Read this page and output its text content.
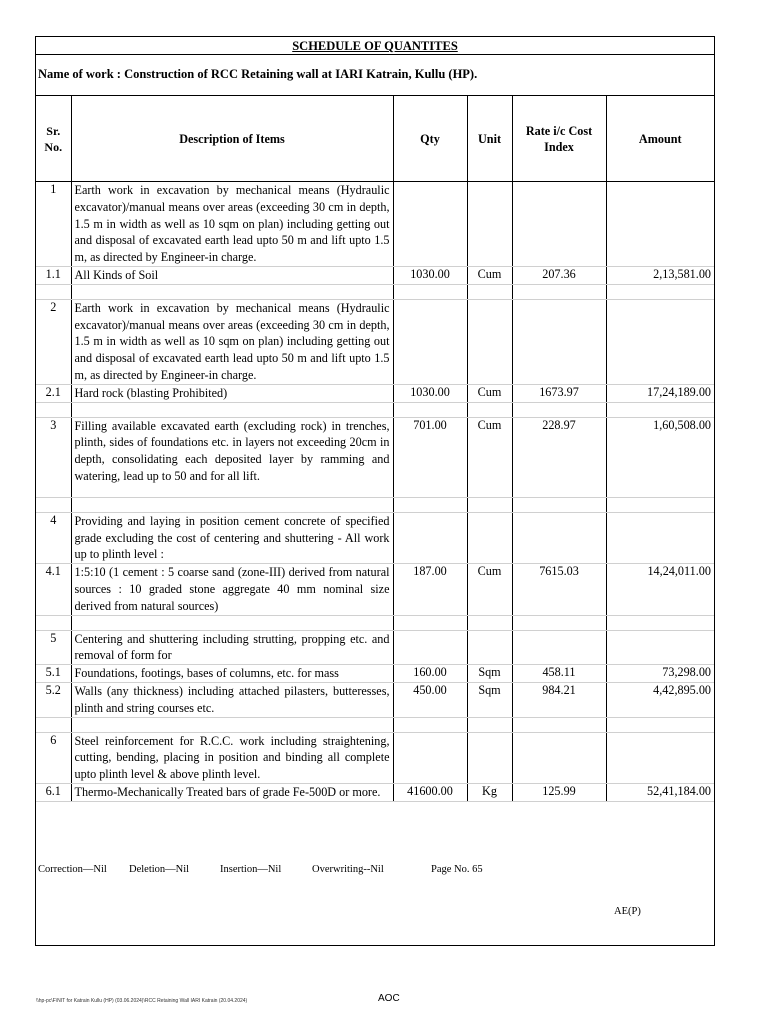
SCHEDULE OF QUANTITES
Name of work : Construction of RCC Retaining wall at IARI Katrain, Kullu (HP).
Sr. No.	Description of Items	Qty	Unit	Rate i/c Cost Index	Amount
1	Earth work in excavation by mechanical means (Hydraulic excavator)/manual means over areas (exceeding 30 cm in depth, 1.5 m in width as well as 10 sqm on plan) including getting out and disposal of excavated earth lead upto 50 m and lift upto 1.5 m, as directed by Engineer-in charge.				
1.1	All Kinds of Soil	1030.00	Cum	207.36	2,13,581.00

2	Earth work in excavation by mechanical means (Hydraulic excavator)/manual means over areas (exceeding 30 cm in depth, 1.5 m in width as well as 10 sqm on plan) including getting out and disposal of excavated earth lead upto 50 m and lift upto 1.5 m, as directed by Engineer-in charge.				
2.1	Hard rock (blasting Prohibited)	1030.00	Cum	1673.97	17,24,189.00

3	Filling available excavated earth (excluding rock) in trenches, plinth, sides of foundations etc. in layers not exceeding 20cm in depth, consolidating each deposited layer by ramming and watering, lead up to 50 and for all lift.	701.00	Cum	228.97	1,60,508.00

4	Providing and laying in position cement concrete of specified grade excluding the cost of centering and shuttering - All work up to plinth level :				
4.1	1:5:10 (1 cement : 5 coarse sand (zone-III) derived from natural sources : 10 graded stone aggregate 40 mm nominal size derived from natural sources)	187.00	Cum	7615.03	14,24,011.00

5	Centering and shuttering including strutting, propping etc. and removal of form for				
5.1	Foundations, footings, bases of columns, etc. for mass	160.00	Sqm	458.11	73,298.00
5.2	Walls (any thickness) including attached pilasters, butteresses, plinth and string courses etc.	450.00	Sqm	984.21	4,42,895.00

6	Steel reinforcement for R.C.C. work including straightening, cutting, bending, placing in position and binding all complete upto plinth level & above plinth level.				
6.1	Thermo-Mechanically Treated bars of grade Fe-500D or more.	41600.00	Kg	125.99	52,41,184.00
Correction—Nil Deletion—Nil	Insertion—Nil	Overwriting--Nil	Page No. 65
AE(P)
\\hp-pc\F\NIT for Katrain Kullu (HP) (03.06.2024)\RCC Retaining Wall IARI Katrain (20.04.2024)	AOC
